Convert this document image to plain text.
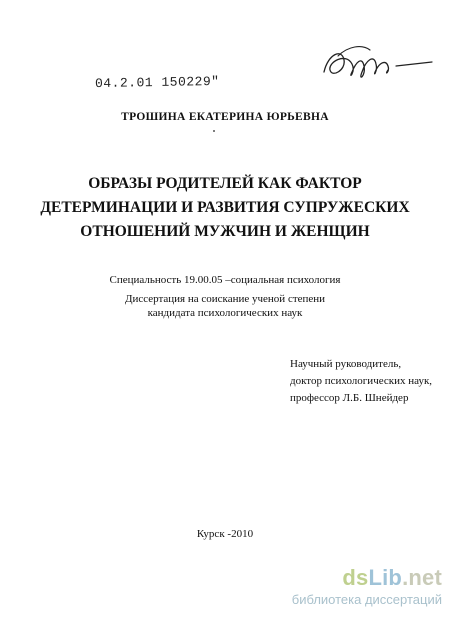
04.2.01 150229"
ТРОШИНА ЕКАТЕРИНА ЮРЬЕВНА
ОБРАЗЫ РОДИТЕЛЕЙ КАК ФАКТОР
ДЕТЕРМИНАЦИИ И РАЗВИТИЯ СУПРУЖЕСКИХ
ОТНОШЕНИЙ МУЖЧИН И ЖЕНЩИН
Специальность 19.00.05 –социальная психология
Диссертация на соискание ученой степени
кандидата психологических наук
Научный руководитель,
доктор психологических наук,
профессор Л.Б. Шнейдер
Курск -2010
dsLib.net
библиотека диссертаций
